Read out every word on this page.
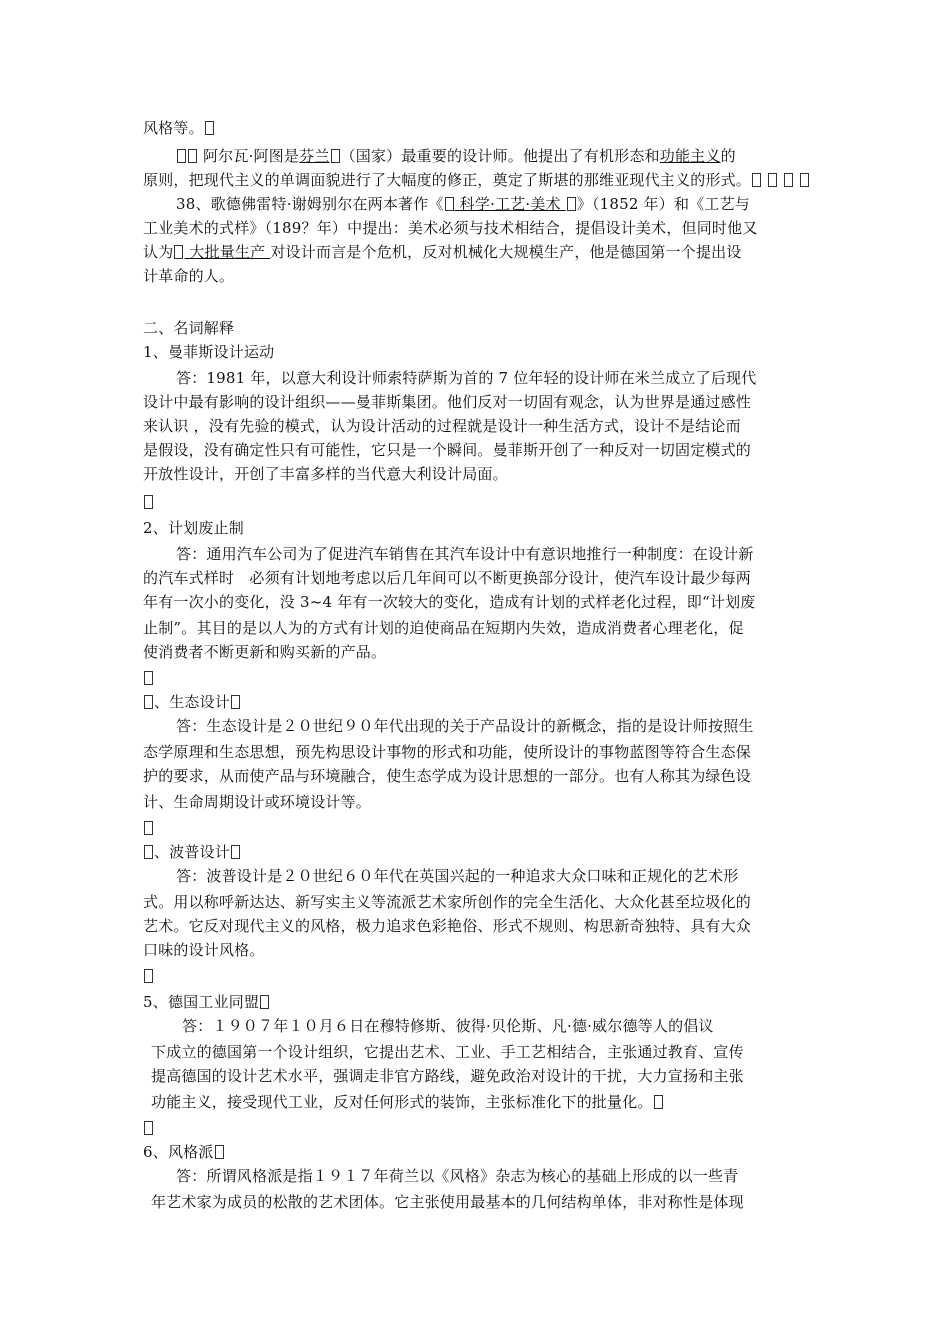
风格等。
阿尔瓦·阿图是芬兰 （国家）最重要的设计师。他提出了有机形态和功能主义的
原则，把现代主义的单调面貌进行了大幅度的修正，奠定了斯堪的那维亚现代主义的形式。
38、歌德佛雷特·谢姆别尔在两本著作《 科学·工艺·美术 》（1852 年）和《工艺与
工业美术的式样》（189？年）中提出：美术必须与技术相结合，提倡设计美术，但同时他又
认为 大批量生产 对设计而言是个危机，反对机械化大规模生产，他是德国第一个提出设
计革命的人。
二、名词解释
1、曼菲斯设计运动
答：1981 年，以意大利设计师索特萨斯为首的 7 位年轻的设计师在米兰成立了后现代
设计中最有影响的设计组织——曼菲斯集团。他们反对一切固有观念，认为世界是通过感性
来认识 ，没有先验的模式，认为设计活动的过程就是设计一种生活方式，设计不是结论而
是假设，没有确定性只有可能性，它只是一个瞬间。曼菲斯开创了一种反对一切固定模式的
开放性设计，开创了丰富多样的当代意大利设计局面。
2、计划废止制
答：通用汽车公司为了促进汽车销售在其汽车设计中有意识地推行一种制度：在设计新
的汽车式样时　必须有计划地考虑以后几年间可以不断更换部分设计，使汽车设计最少每两
年有一次小的变化，没 3~4 年有一次较大的变化，造成有计划的式样老化过程，即“计划废
止制”。其目的是以人为的方式有计划的迫使商品在短期内失效，造成消费者心理老化，促
使消费者不断更新和购买新的产品。
、生态设计
答：生态设计是２０世纪９０年代出现的关于产品设计的新概念，指的是设计师按照生
态学原理和生态思想，预先构思设计事物的形式和功能，使所设计的事物蓝图等符合生态保
护的要求，从而使产品与环境融合，使生态学成为设计思想的一部分。也有人称其为绿色设
计、生命周期设计或环境设计等。
、波普设计
答：波普设计是２０世纪６０年代在英国兴起的一种追求大众口味和正规化的艺术形
式。用以称呼新达达、新写实主义等流派艺术家所创作的完全生活化、大众化甚至垃圾化的
艺术。它反对现代主义的风格，极力追求色彩艳俗、形式不规则、构思新奇独特、具有大众
口味的设计风格。
5、德国工业同盟
答：１９０７年１０月６日在穆特修斯、彼得·贝伦斯、凡·德·威尔德等人的倡议
下成立的德国第一个设计组织，它提出艺术、工业、手工艺相结合，主张通过教育、宣传
提高德国的设计艺术水平，强调走非官方路线，避免政治对设计的干扰，大力宣扬和主张
功能主义，接受现代工业，反对任何形式的装饰，主张标准化下的批量化。
6、风格派
答：所谓风格派是指１９１７年荷兰以《风格》杂志为核心的基础上形成的以一些青
年艺术家为成员的松散的艺术团体。它主张使用最基本的几何结构单体，非对称性是体现
